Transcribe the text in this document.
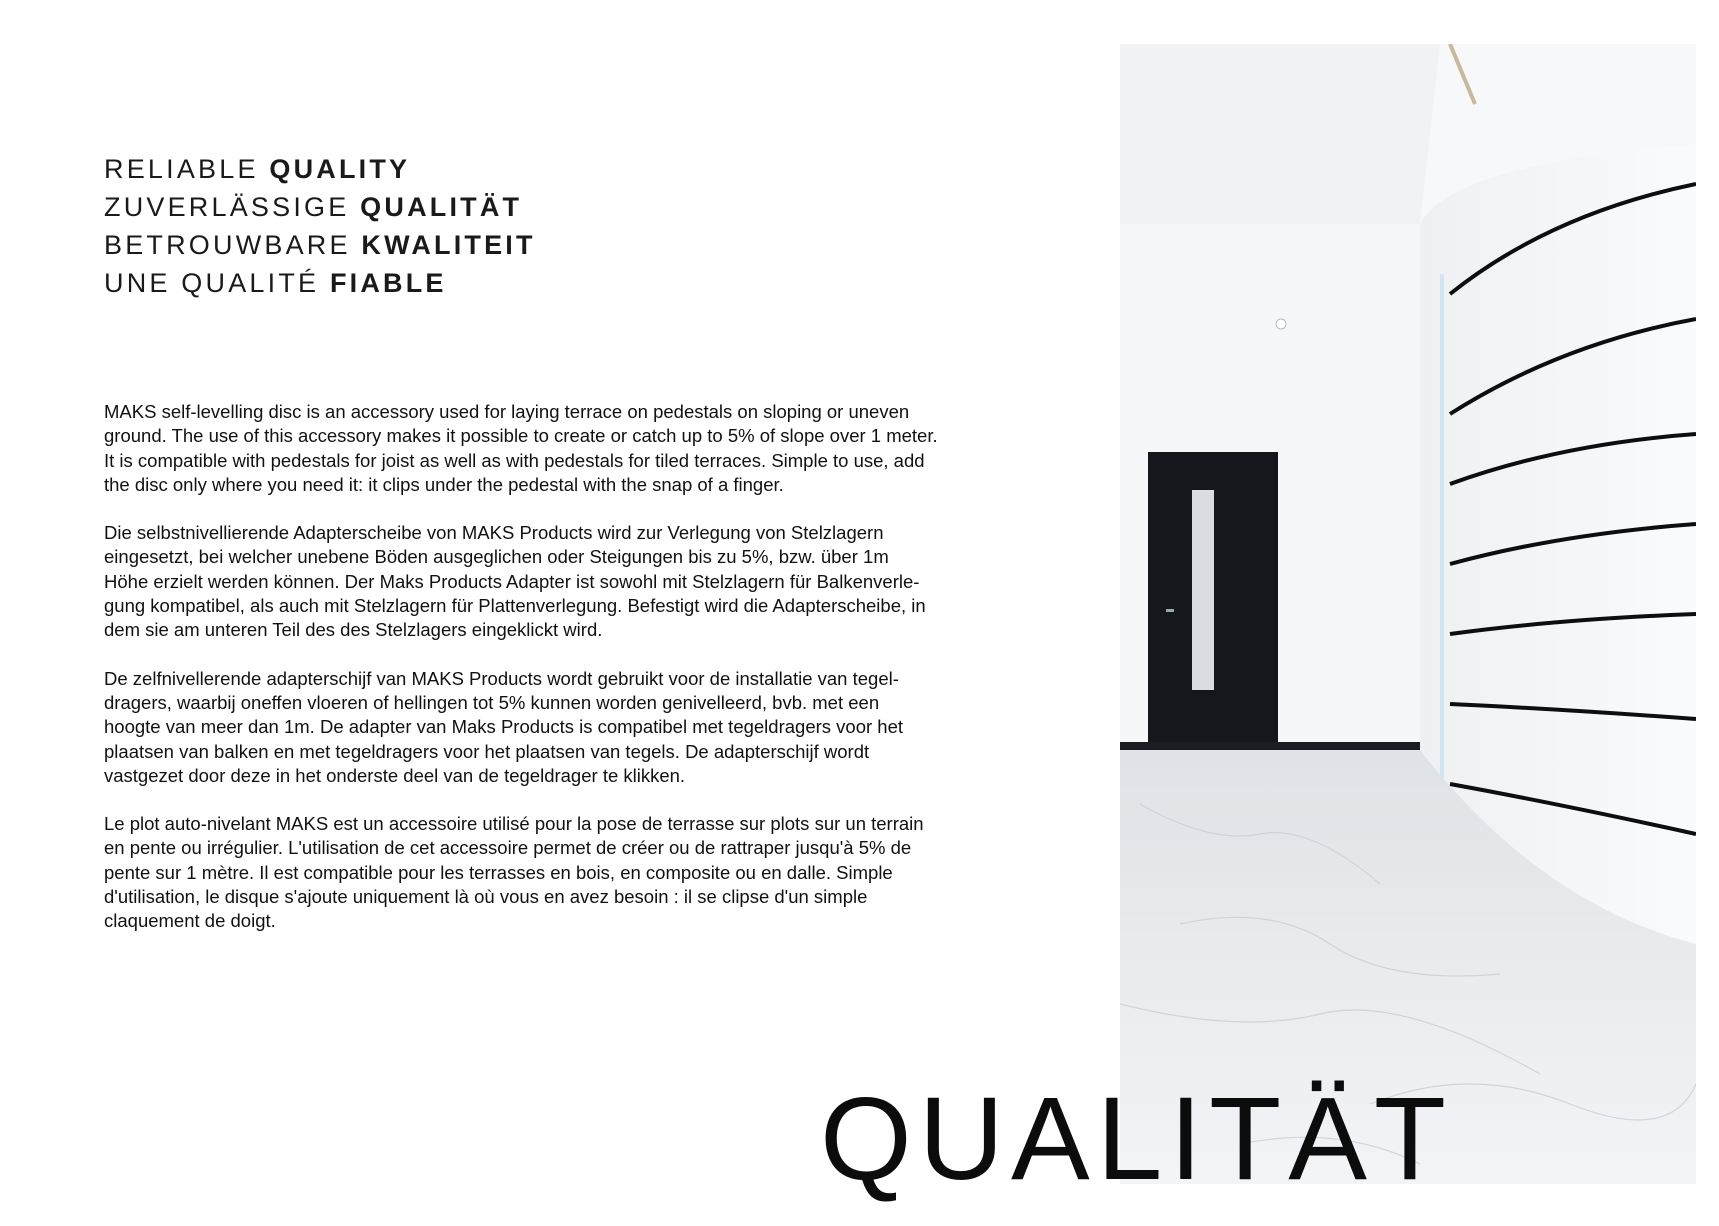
RELIABLE QUALITY
ZUVERLÄSSIGE QUALITÄT
BETROUWBARE KWALITEIT
UNE QUALITÉ FIABLE

MAKS self-levelling disc is an accessory used for laying terrace on pedestals on sloping or uneven
ground. The use of this accessory makes it possible to create or catch up to 5% of slope over 1 meter.
It is compatible with pedestals for joist as well as with pedestals for tiled terraces. Simple to use, add
the disc only where you need it: it clips under the pedestal with the snap of a finger.

Die selbstnivellierende Adapterscheibe von MAKS Products wird zur Verlegung von Stelzlagern
eingesetzt, bei welcher unebene Böden ausgeglichen oder Steigungen bis zu 5%, bzw. über 1m
Höhe erzielt werden können. Der Maks Products Adapter ist sowohl mit Stelzlagern für Balkenverle-
gung kompatibel, als auch mit Stelzlagern für Plattenverlegung. Befestigt wird die Adapterscheibe, in
dem sie am unteren Teil des des Stelzlagers eingeklickt wird.

De zelfnivellerende adapterschijf van MAKS Products wordt gebruikt voor de installatie van tegel-
dragers, waarbij oneffen vloeren of hellingen tot 5% kunnen worden genivelleerd, bvb. met een
hoogte van meer dan 1m. De adapter van Maks Products is compatibel met tegeldragers voor het
plaatsen van balken en met tegeldragers voor het plaatsen van tegels. De adapterschijf wordt
vastgezet door deze in het onderste deel van de tegeldrager te klikken.

Le plot auto-nivelant MAKS est un accessoire utilisé pour la pose de terrasse sur plots sur un terrain
en pente ou irrégulier. L'utilisation de cet accessoire permet de créer ou de rattraper jusqu'à 5% de
pente sur 1 mètre. Il est compatible pour les terrasses en bois, en composite ou en dalle. Simple
d'utilisation, le disque s'ajoute uniquement là où vous en avez besoin : il se clipse d'un simple
claquement de doigt.

QUALITÄT
